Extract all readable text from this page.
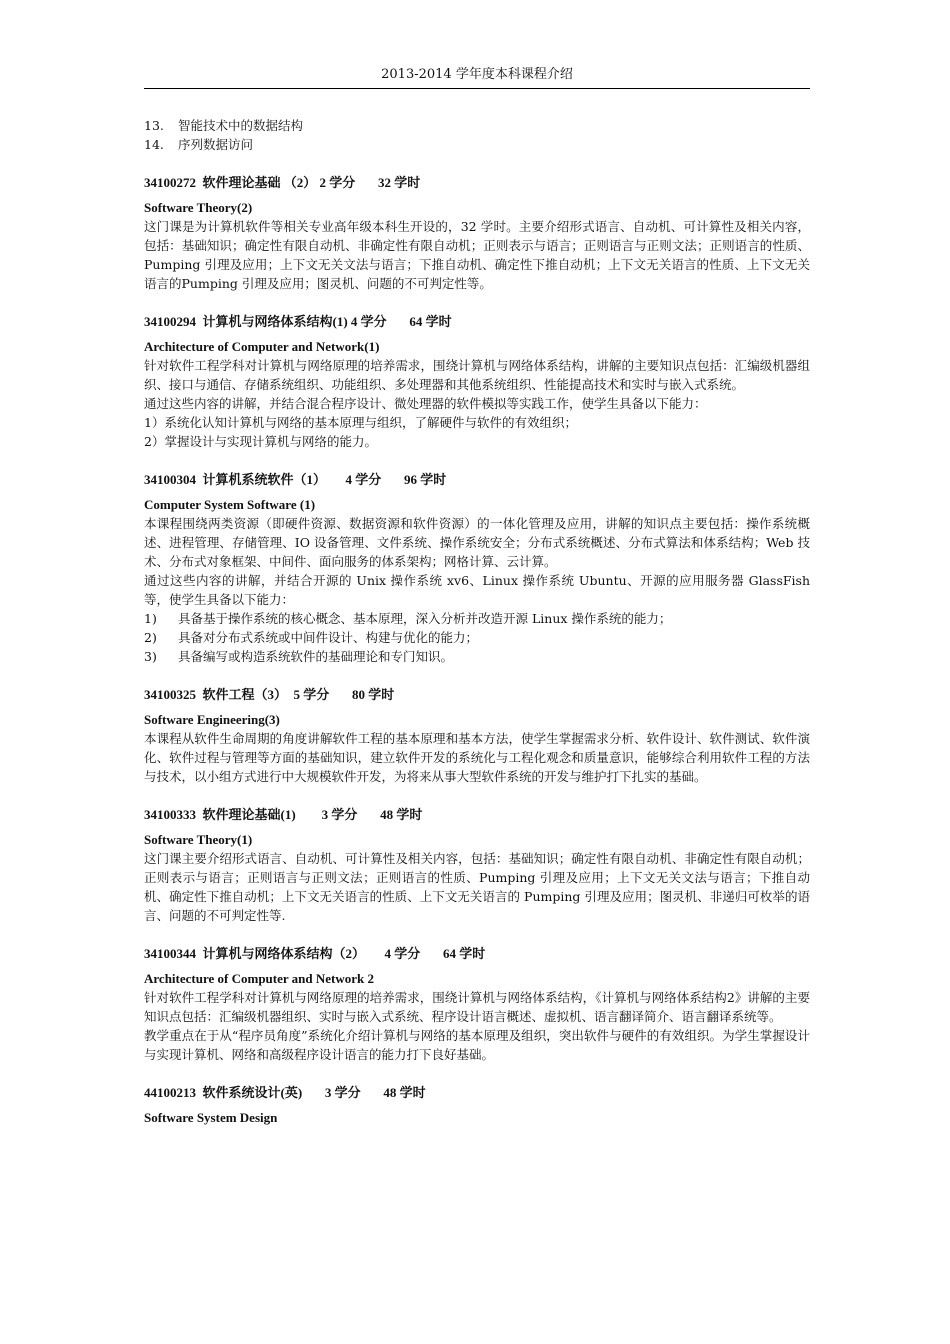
2013-2014 学年度本科课程介绍
13.	智能技术中的数据结构
14.	序列数据访问
34100272  软件理论基础 （2） 2 学分       32 学时
Software Theory(2)

这门课是为计算机软件等相关专业高年级本科生开设的，32 学时。主要介绍形式语言、自动机、可计算性及相关内容，包括：基础知识；确定性有限自动机、非确定性有限自动机；正则表示与语言；正则语言与正则文法；正则语言的性质、Pumping 引理及应用；上下文无关文法与语言；下推自动机、确定性下推自动机；上下文无关语言的性质、上下文无关语言的Pumping 引理及应用；图灵机、问题的不可判定性等。

34100294  计算机与网络体系结构(1) 4 学分       64 学时
Architecture of Computer and Network(1)

针对软件工程学科对计算机与网络原理的培养需求，围绕计算机与网络体系结构，讲解的主要知识点包括：汇编级机器组织、接口与通信、存储系统组织、功能组织、多处理器和其他系统组织、性能提高技术和实时与嵌入式系统。

通过这些内容的讲解，并结合混合程序设计、微处理器的软件模拟等实践工作，使学生具备以下能力：

1）系统化认知计算机与网络的基本原理与组织，了解硬件与软件的有效组织；

2）掌握设计与实现计算机与网络的能力。

34100304  计算机系统软件（1）      4 学分       96 学时
Computer System Software (1)

本课程围绕两类资源（即硬件资源、数据资源和软件资源）的一体化管理及应用，讲解的知识点主要包括：操作系统概述、进程管理、存储管理、IO 设备管理、文件系统、操作系统安全；分布式系统概述、分布式算法和体系结构；Web 技术、分布式对象框架、中间件、面向服务的体系架构；网格计算、云计算。

通过这些内容的讲解，并结合开源的 Unix 操作系统 xv6、Linux 操作系统 Ubuntu、开源的应用服务器 GlassFish 等，使学生具备以下能力：

1)	具备基于操作系统的核心概念、基本原理，深入分析并改造开源 Linux 操作系统的能力；
2)	具备对分布式系统或中间件设计、构建与优化的能力；
3)	具备编写或构造系统软件的基础理论和专门知识。
34100325  软件工程（3）  5 学分       80 学时
Software Engineering(3)

本课程从软件生命周期的角度讲解软件工程的基本原理和基本方法，使学生掌握需求分析、软件设计、软件测试、软件演化、软件过程与管理等方面的基础知识，建立软件开发的系统化与工程化观念和质量意识，能够综合利用软件工程的方法与技术，以小组方式进行中大规模软件开发，为将来从事大型软件系统的开发与维护打下扎实的基础。

34100333  软件理论基础(1)        3 学分       48 学时
Software Theory(1)

这门课主要介绍形式语言、自动机、可计算性及相关内容，包括：基础知识；确定性有限自动机、非确定性有限自动机；正则表示与语言；正则语言与正则文法；正则语言的性质、Pumping 引理及应用；上下文无关文法与语言；下推自动机、确定性下推自动机；上下文无关语言的性质、上下文无关语言的 Pumping 引理及应用；图灵机、非递归可枚举的语言、问题的不可判定性等.

34100344  计算机与网络体系结构（2）      4 学分       64 学时
Architecture of Computer and Network 2

针对软件工程学科对计算机与网络原理的培养需求，围绕计算机与网络体系结构，《计算机与网络体系结构2》讲解的主要知识点包括：汇编级机器组织、实时与嵌入式系统、程序设计语言概述、虚拟机、语言翻译简介、语言翻译系统等。

教学重点在于从“程序员角度”系统化介绍计算机与网络的基本原理及组织，突出软件与硬件的有效组织。为学生掌握设计与实现计算机、网络和高级程序设计语言的能力打下良好基础。

44100213  软件系统设计(英)       3 学分       48 学时
Software System Design
